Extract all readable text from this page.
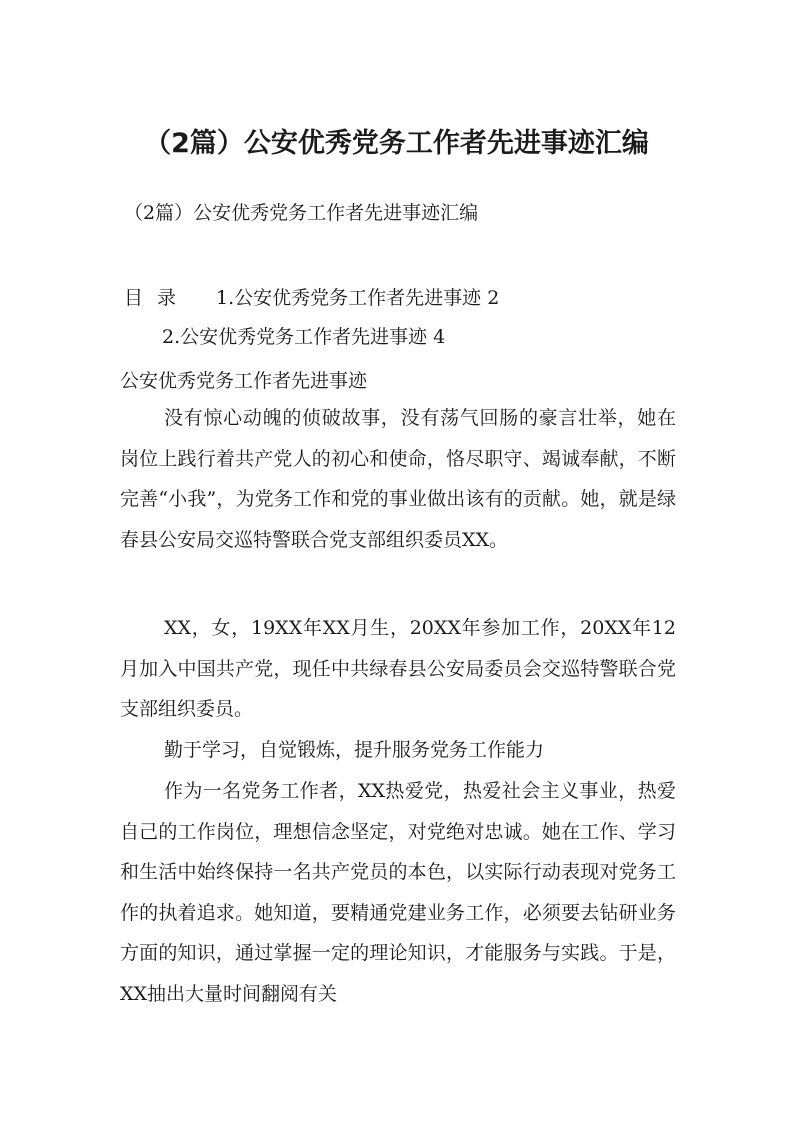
（2篇）公安优秀党务工作者先进事迹汇编

（2篇）公安优秀党务工作者先进事迹汇编

目 录 1.公安优秀党务工作者先进事迹 2

2.公安优秀党务工作者先进事迹 4

公安优秀党务工作者先进事迹

没有惊心动魄的侦破故事，没有荡气回肠的豪言壮举，她在岗位上践行着共产党人的初心和使命，恪尽职守、竭诚奉献，不断完善“小我”，为党务工作和党的事业做出该有的贡献。她，就是绿春县公安局交巡特警联合党支部组织委员XX。

XX，女，19XX年XX月生，20XX年参加工作，20XX年12月加入中国共产党，现任中共绿春县公安局委员会交巡特警联合党支部组织委员。

勤于学习，自觉锻炼，提升服务党务工作能力

作为一名党务工作者，XX热爱党，热爱社会主义事业，热爱自己的工作岗位，理想信念坚定，对党绝对忠诚。她在工作、学习和生活中始终保持一名共产党员的本色，以实际行动表现对党务工作的执着追求。她知道，要精通党建业务工作，必须要去钻研业务方面的知识，通过掌握一定的理论知识，才能服务与实践。于是，XX抽出大量时间翻阅有关
